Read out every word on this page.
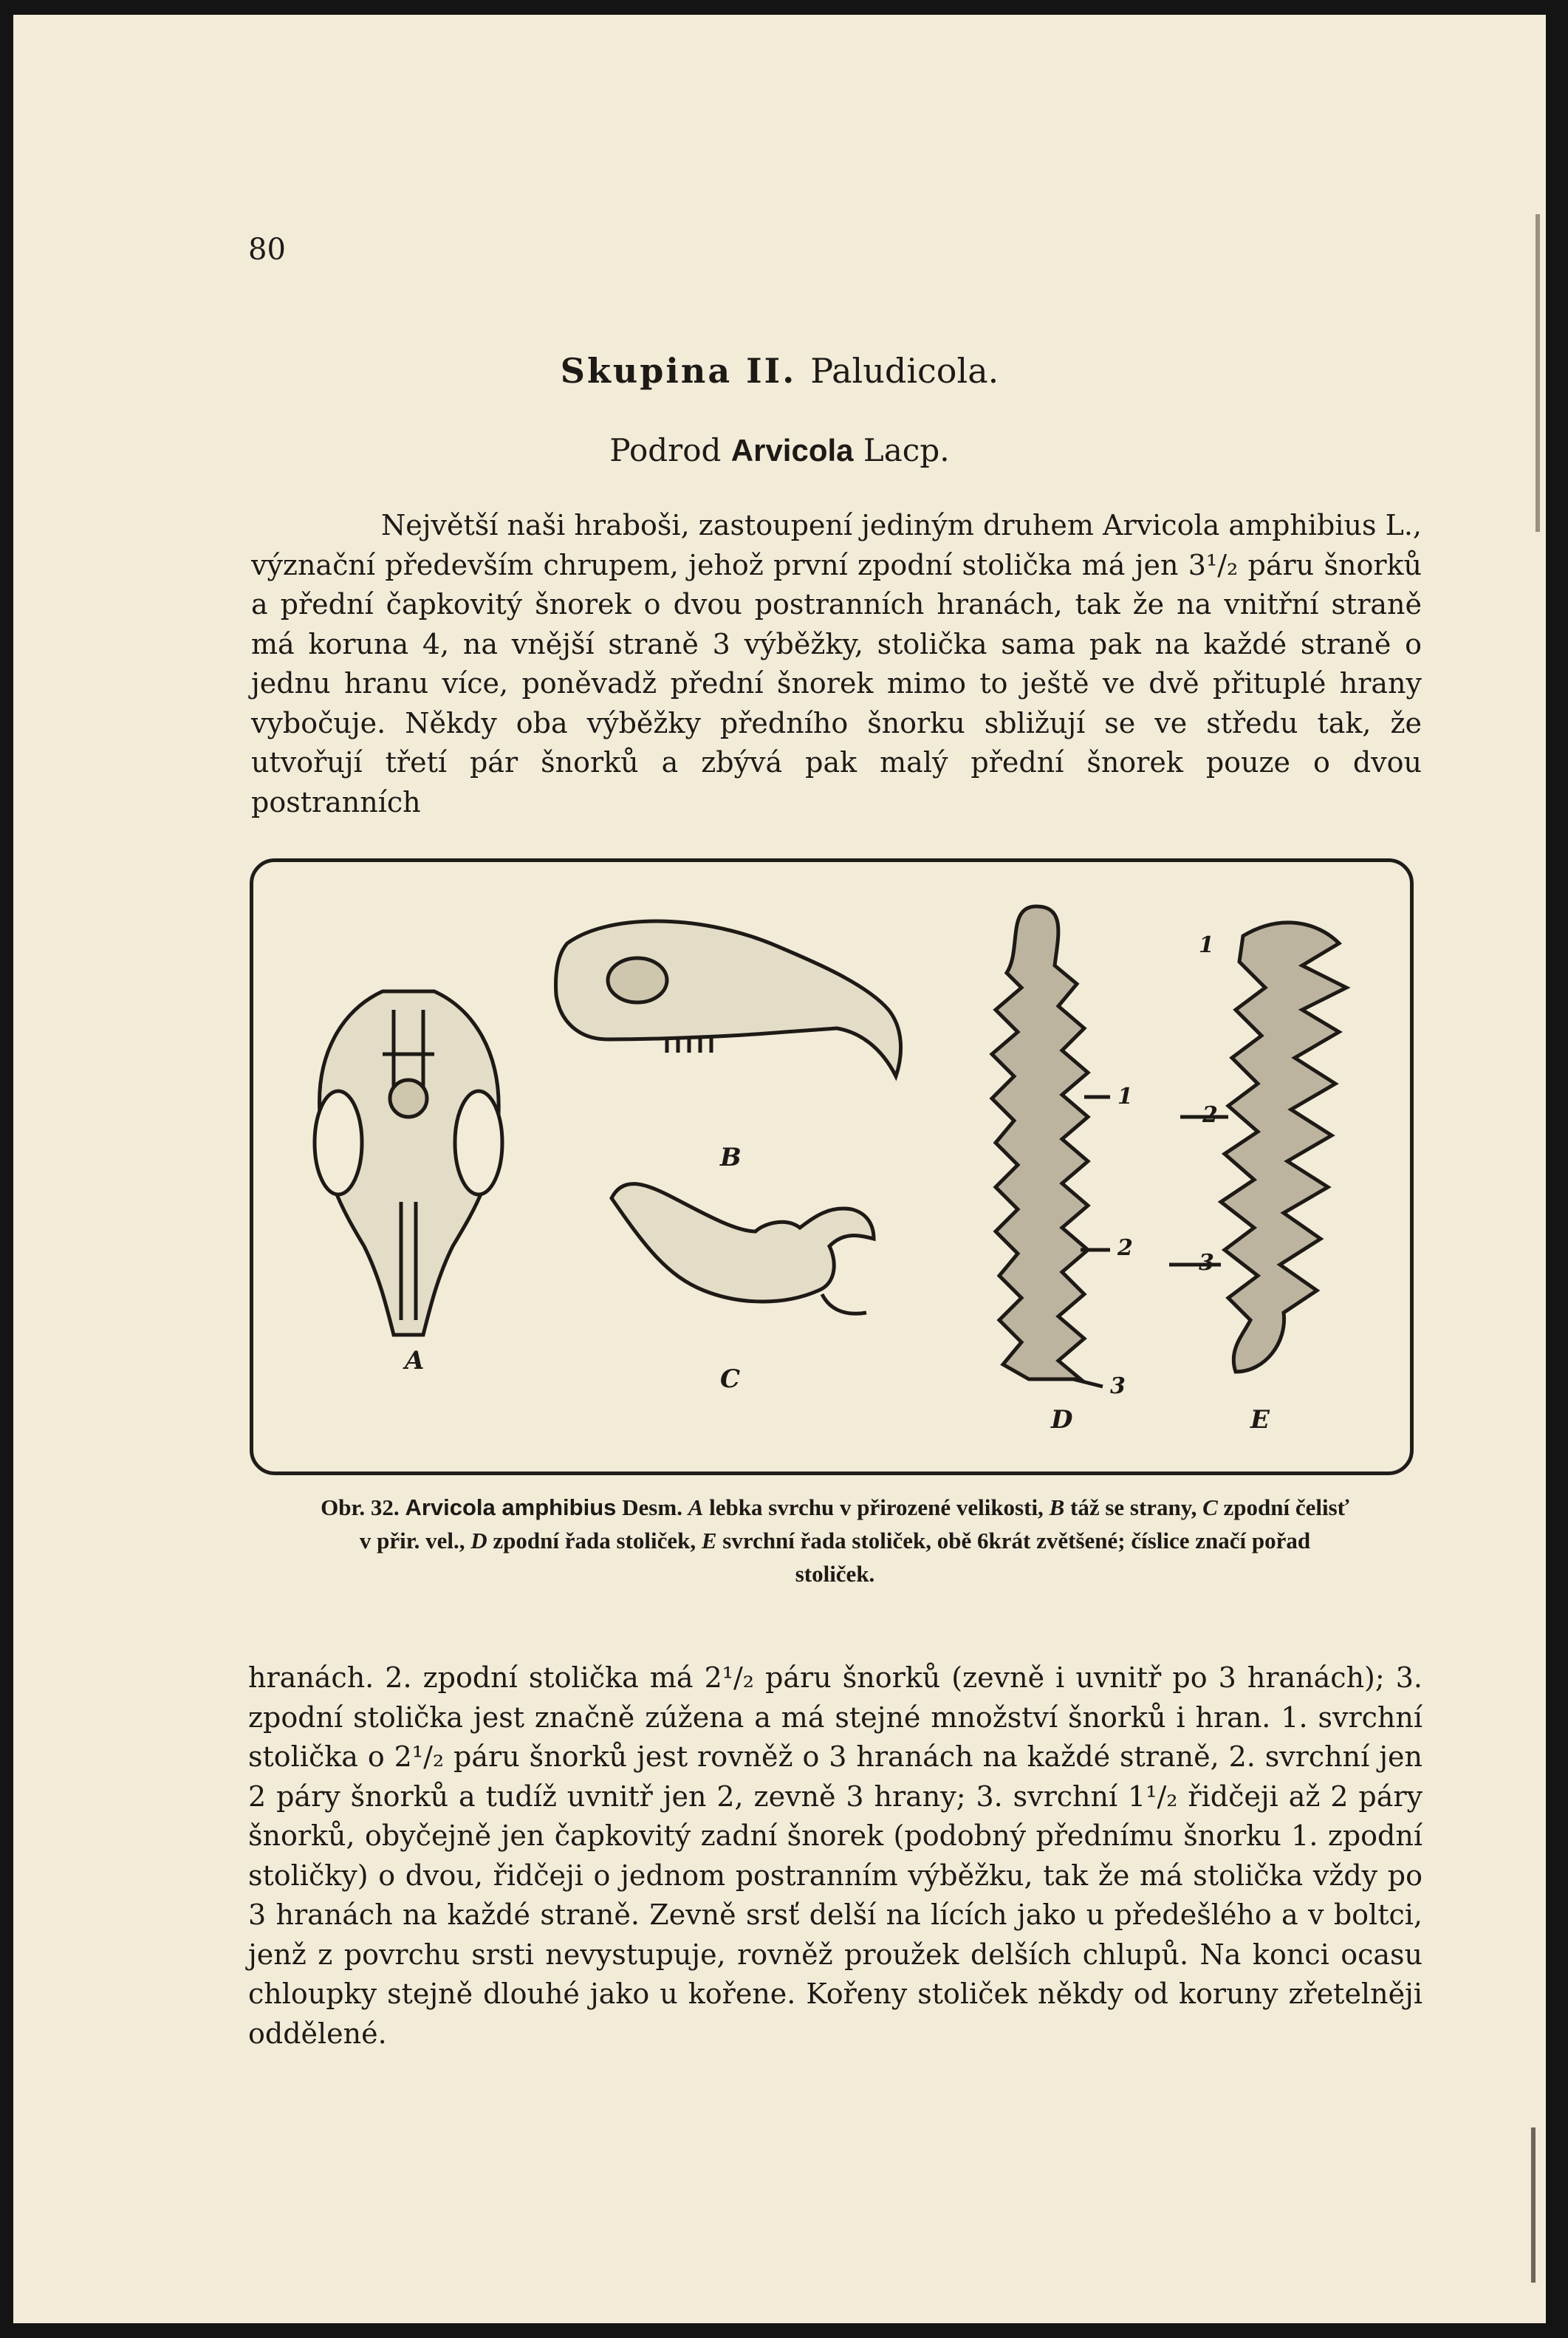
80
Skupina II. Paludicola.
Podrod Arvicola Lacp.
Největší naši hraboši, zastoupení jediným druhem Arvicola amphibius L., význační především chrupem, jehož první zpodní stolička má jen 3¹/₂ páru šnorků a přední čapkovitý šnorek o dvou postranních hranách, tak že na vnitřní straně má koruna 4, na vnější straně 3 výběžky, stolička sama pak na každé straně o jednu hranu více, poněvadž přední šnorek mimo to ještě ve dvě přituplé hrany vybočuje. Někdy oba výběžky předního šnorku sbližují se ve středu tak, že utvořují třetí pár šnorků a zbývá pak malý přední šnorek pouze o dvou postranních
A
B
C
D	E
1
2
3
1
2
3
Obr. 32. Arvicola amphibius Desm. A lebka svrchu v přirozené velikosti, B táž se strany, C zpodní čelisť v přir. vel., D zpodní řada stoliček, E svrchní řada stoliček, obě 6krát zvětšené; číslice značí pořad stoliček.
hranách. 2. zpodní stolička má 2¹/₂ páru šnorků (zevně i uvnitř po 3 hranách); 3. zpodní stolička jest značně zúžena a má stejné množství šnorků i hran. 1. svrchní stolička o 2¹/₂ páru šnorků jest rovněž o 3 hranách na každé straně, 2. svrchní jen 2 páry šnorků a tudíž uvnitř jen 2, zevně 3 hrany; 3. svrchní 1¹/₂ řidčeji až 2 páry šnorků, obyčejně jen čapkovitý zadní šnorek (podobný přednímu šnorku 1. zpodní stoličky) o dvou, řidčeji o jednom postranním výběžku, tak že má stolička vždy po 3 hranách na každé straně. Zevně srsť delší na lících jako u předešlého a v boltci, jenž z povrchu srsti nevystupuje, rovněž proužek delších chlupů. Na konci ocasu chloupky stejně dlouhé jako u kořene. Kořeny stoliček někdy od koruny zřetelněji oddělené.
